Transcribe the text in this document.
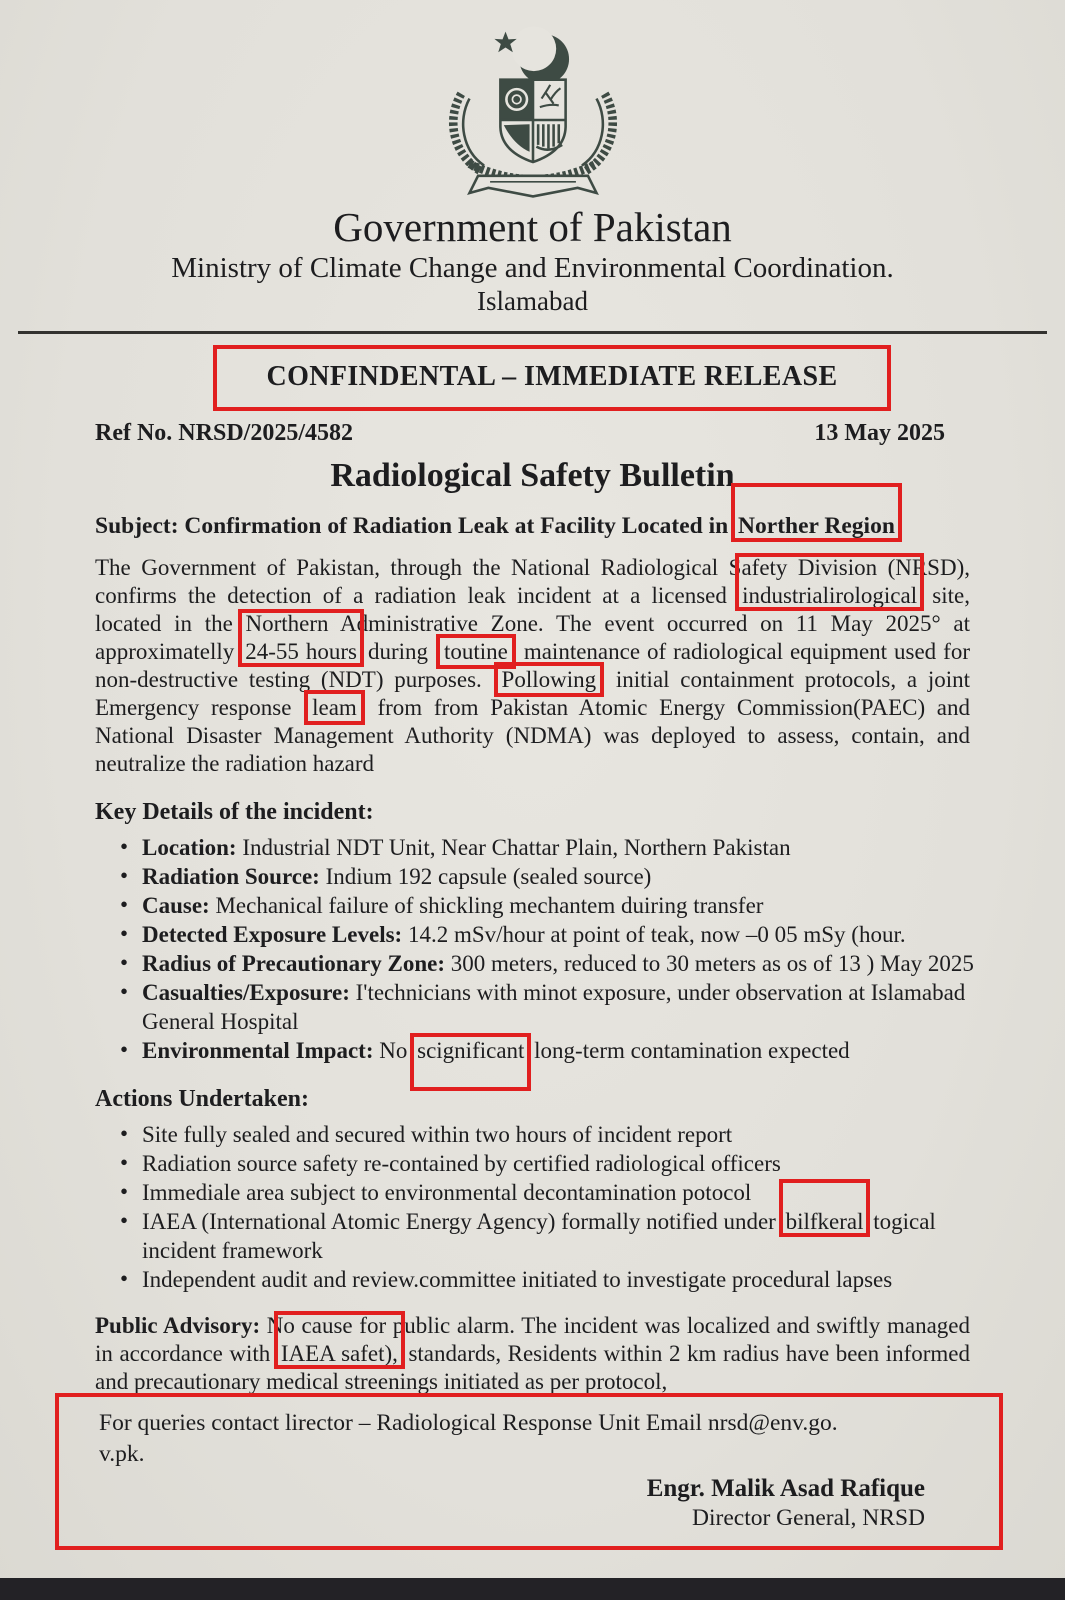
Government of Pakistan
Ministry of Climate Change and Environmental Coordination.
Islamabad
CONFINDENTAL – IMMEDIATE RELEASE
Ref No. NRSD/2025/4582	13 May 2025
Radiological Safety Bulletin
Subject: Confirmation of Radiation Leak at Facility Located in Norther Region
The Government of Pakistan, through the National Radiological Safety Division (NRSD), confirms the detection of a radiation leak incident at a licensed industrialirological site, located in the Northern Administrative Zone. The event occurred on 11 May 2025° at approximatelly 24-55 hours during toutine maintenance of radiological equipment used for non-destructive testing (NDT) purposes. Pollowing initial containment protocols, a joint Emergency response leam from from Pakistan Atomic Energy Commission(PAEC) and National Disaster Management Authority (NDMA) was deployed to assess, contain, and neutralize the radiation hazard
Key Details of the incident:
• Location: Industrial NDT Unit, Near Chattar Plain, Northern Pakistan
• Radiation Source: Indium 192 capsule (sealed source)
• Cause: Mechanical failure of shickling mechantem duiring transfer
• Detected Exposure Levels: 14.2 mSv/hour at point of teak, now –0 05 mSy (hour.
• Radius of Precautionary Zone: 300 meters, reduced to 30 meters as os of 13 ) May 2025
• Casualties/Exposure: I'technicians with minot exposure, under observation at Islamabad General Hospital
• Environmental Impact: No scignificant long-term contamination expected
Actions Undertaken:
• Site fully sealed and secured within two hours of incident report
• Radiation source safety re-contained by certified radiological officers
• Immediale area subject to environmental decontamination potocol
• IAEA (International Atomic Energy Agency) formally notified under bilfkeral togical incident framework
• Independent audit and review.committee initiated to investigate procedural lapses
Public Advisory: No cause for public alarm. The incident was localized and swiftly managed in accordance with IAEA safet), standards, Residents within 2 km radius have been informed and precautionary medical streenings initiated as per protocol,
For queries contact lirector – Radiological Response Unit Email nrsd@env.go.
v.pk.
Engr. Malik Asad Rafique
Director General, NRSD
